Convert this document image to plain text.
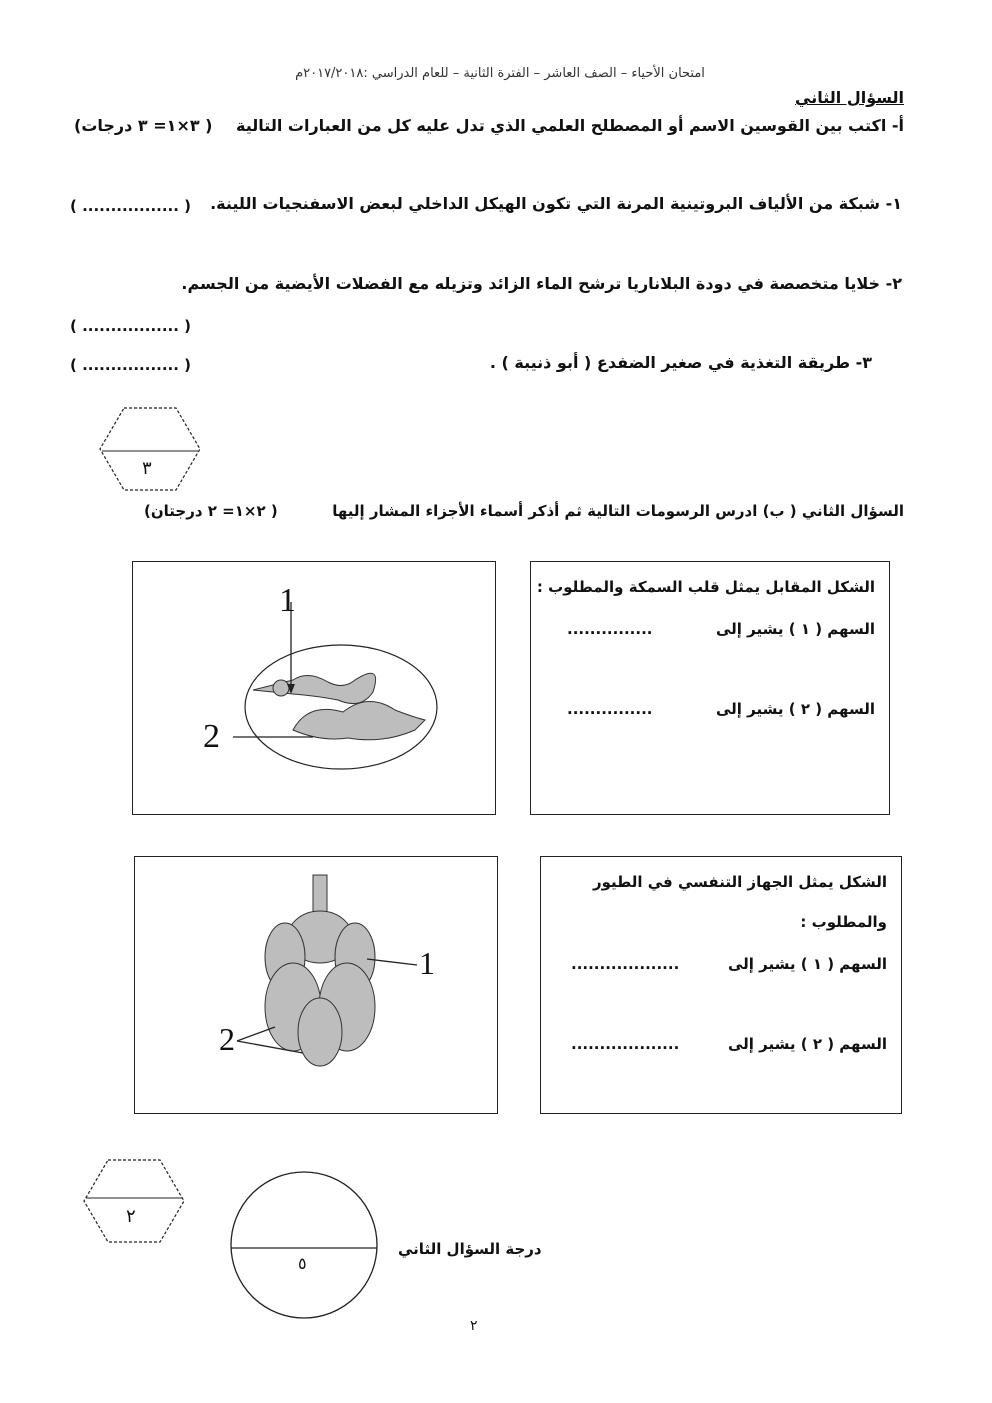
امتحان الأحياء – الصف العاشر – الفترة الثانية – للعام الدراسي :٢٠١٧/٢٠١٨م
السؤال الثاني
أ- اكتب بين القوسين الاسم أو المصطلح العلمي الذي تدل عليه كل من العبارات التالية
( ٣×١= ٣ درجات)
١- شبكة من الألياف البروتينية المرنة التي تكون الهيكل الداخلي لبعض الاسفنجيات اللينة.
( ................. )
٢- خلايا متخصصة في دودة البلاناريا ترشح الماء الزائد وتزيله مع الفضلات الأيضية من الجسم.
( ................. )
٣- طريقة التغذية في صغير الضفدع ( أبو ذنيبة ) .
( ................. )
٣
السؤال الثاني ( ب) ادرس الرسومات التالية ثم أذكر أسماء الأجزاء المشار إليها
( ٢×١= ٢ درجتان)
1
2
الشكل المقابل يمثل قلب السمكة والمطلوب :
السهم ( ١ ) يشير إلى
...............
السهم ( ٢ ) يشير إلى
...............
1
2
الشكل يمثل الجهاز التنفسي في الطيور
والمطلوب :
السهم ( ١ ) يشير إلى
...................
السهم ( ٢ ) يشير إلى
...................
٢
٥
درجة السؤال الثاني
٢
